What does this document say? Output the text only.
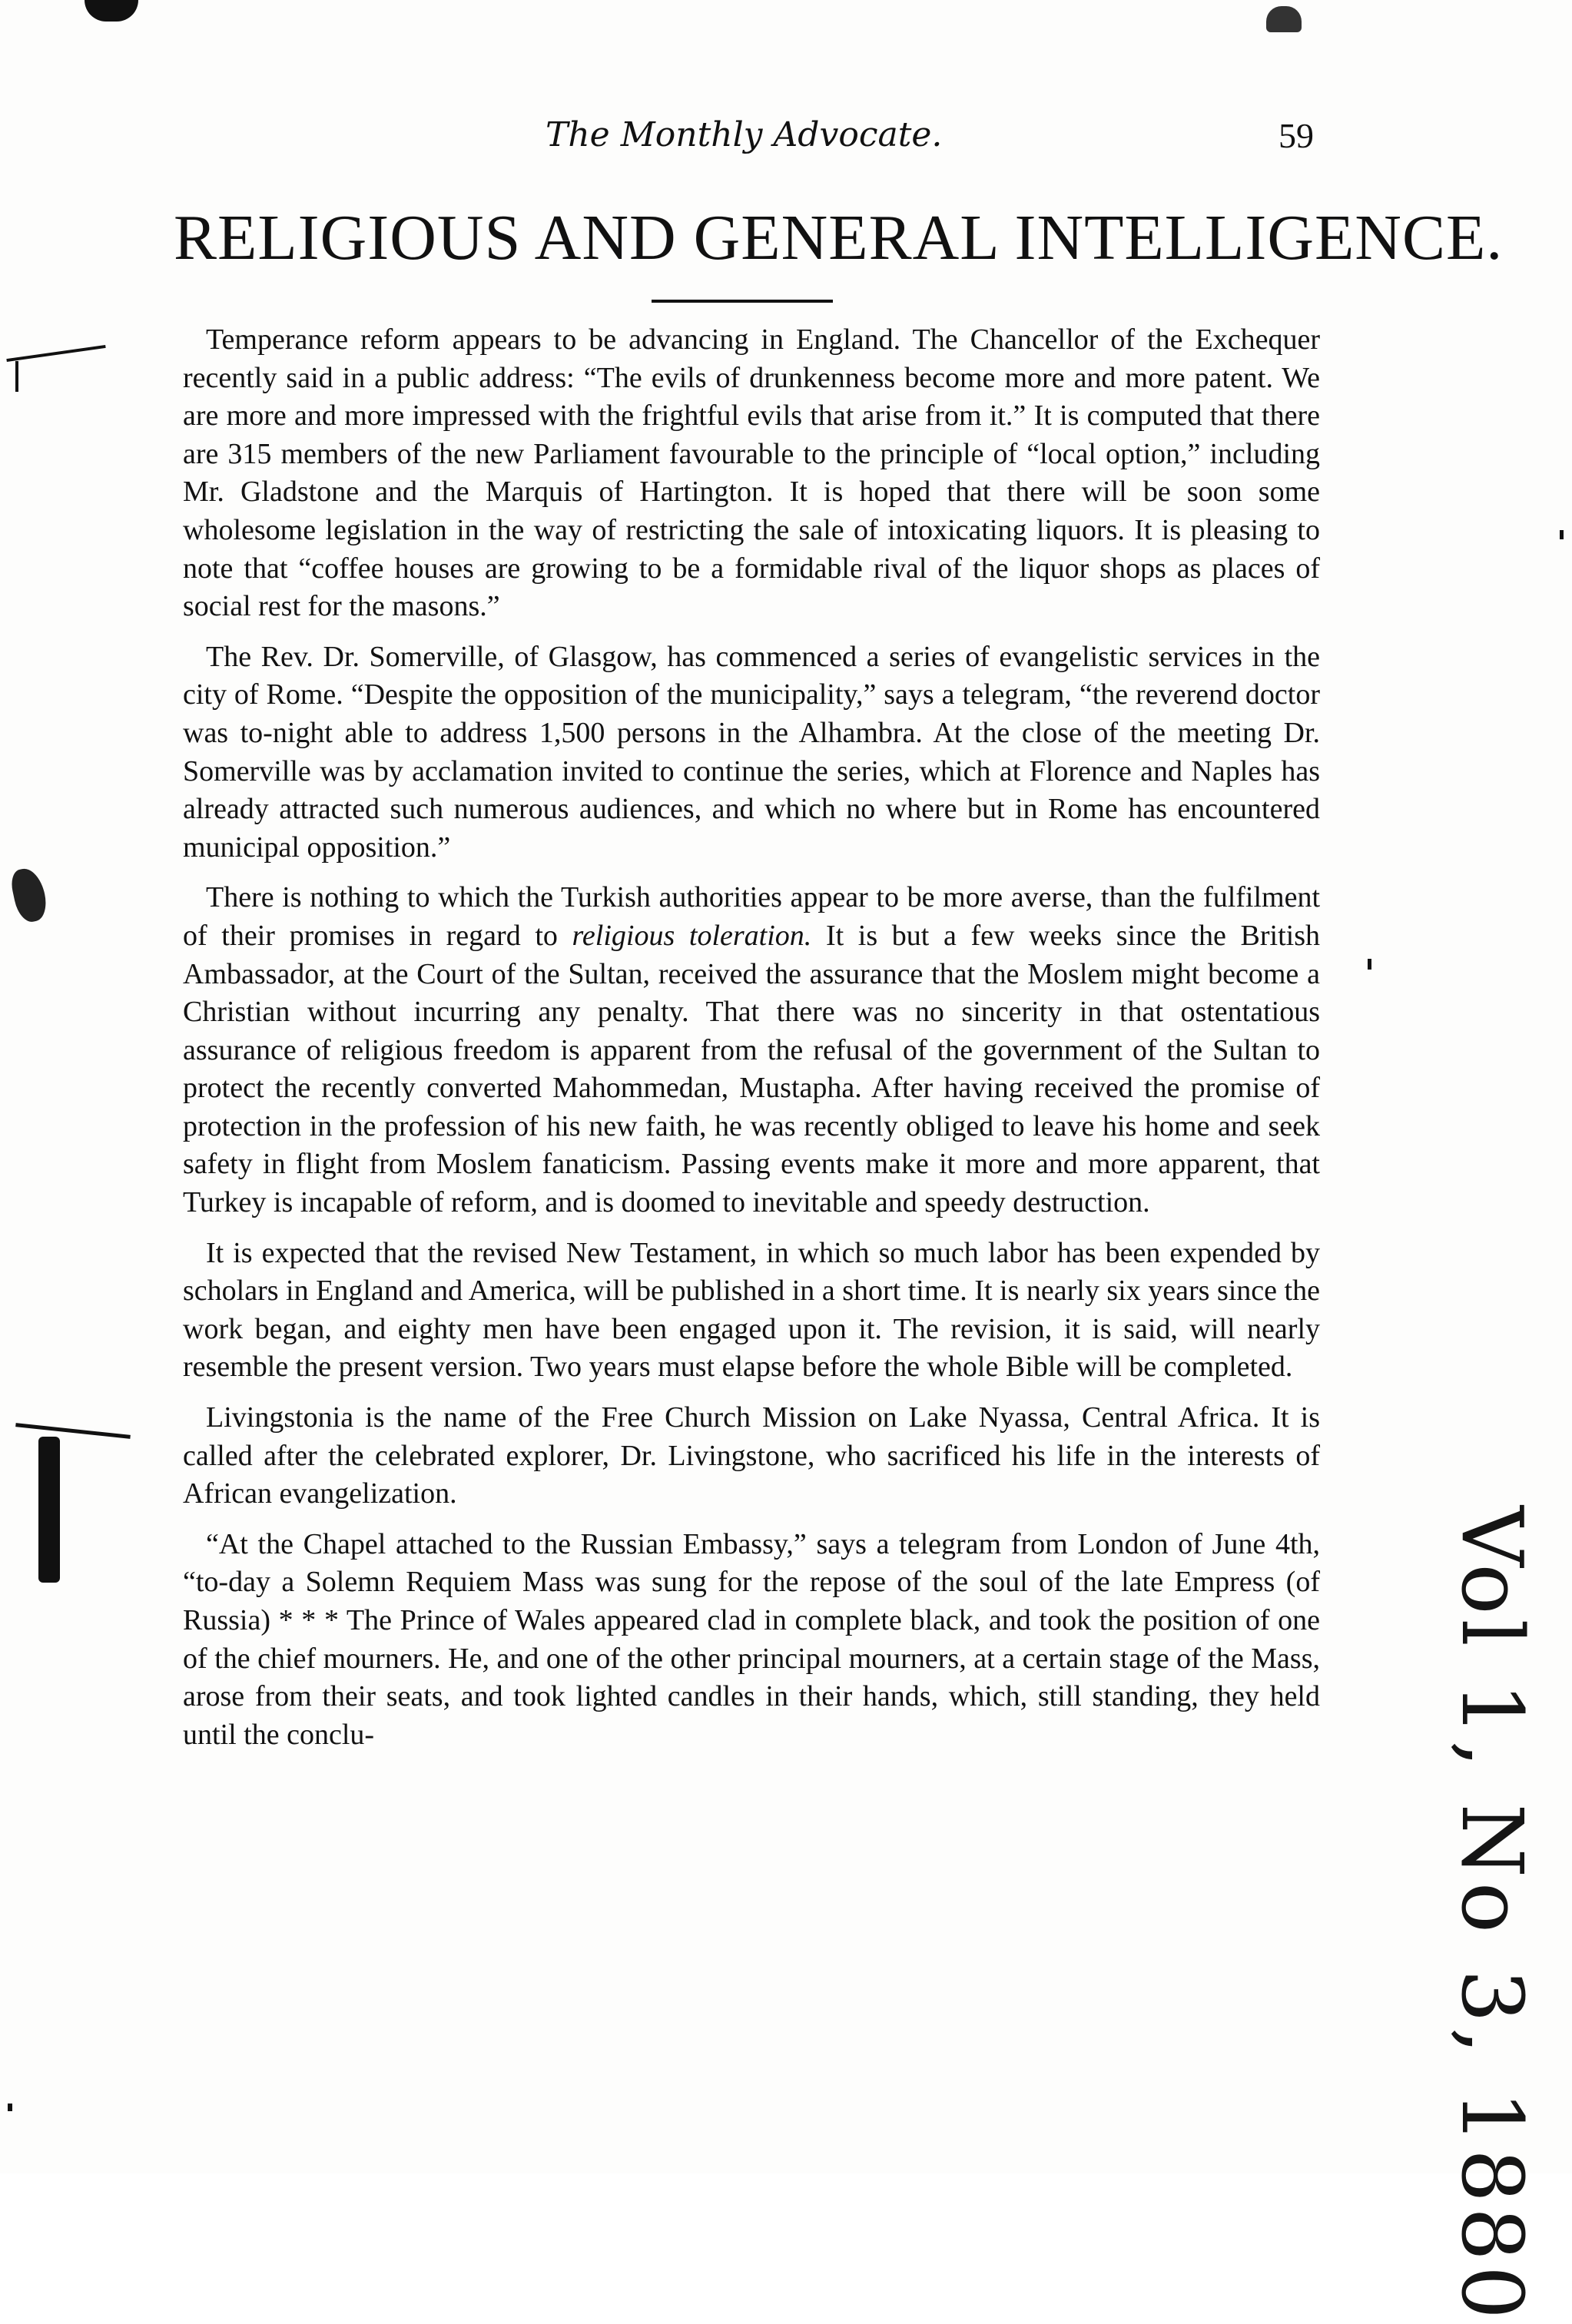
The Monthly Advocate.	59
RELIGIOUS AND GENERAL INTELLIGENCE.

Temperance reform appears to be advancing in England. The Chancellor of the Exchequer recently said in a public address: “The evils of drunkenness become more and more patent. We are more and more impressed with the frightful evils that arise from it.” It is computed that there are 315 members of the new Parliament favourable to the principle of “local option,” including Mr. Gladstone and the Marquis of Hartington. It is hoped that there will be soon some wholesome legislation in the way of restricting the sale of intoxicating liquors. It is pleasing to note that “coffee houses are growing to be a formidable rival of the liquor shops as places of social rest for the masons.”

The Rev. Dr. Somerville, of Glasgow, has commenced a series of evangelistic services in the city of Rome. “Despite the opposition of the municipality,” says a telegram, “the reverend doctor was to-night able to address 1,500 persons in the Alhambra. At the close of the meeting Dr. Somerville was by acclamation invited to continue the series, which at Florence and Naples has already attracted such numerous audiences, and which no where but in Rome has encountered municipal opposition.”

There is nothing to which the Turkish authorities appear to be more averse, than the fulfilment of their promises in regard to religious toleration. It is but a few weeks since the British Ambassador, at the Court of the Sultan, received the assurance that the Moslem might become a Christian without incurring any penalty. That there was no sincerity in that ostentatious assurance of religious freedom is apparent from the refusal of the government of the Sultan to protect the recently converted Mahommedan, Mustapha. After having received the promise of protection in the profession of his new faith, he was recently obliged to leave his home and seek safety in flight from Moslem fanaticism. Passing events make it more and more apparent, that Turkey is incapable of reform, and is doomed to inevitable and speedy destruction.

It is expected that the revised New Testament, in which so much labor has been expended by scholars in England and America, will be published in a short time. It is nearly six years since the work began, and eighty men have been engaged upon it. The revision, it is said, will nearly resemble the present version. Two years must elapse before the whole Bible will be completed.

Livingstonia is the name of the Free Church Mission on Lake Nyassa, Central Africa. It is called after the celebrated explorer, Dr. Livingstone, who sacrificed his life in the interests of African evangelization.

“At the Chapel attached to the Russian Embassy,” says a telegram from London of June 4th, “to-day a Solemn Requiem Mass was sung for the repose of the soul of the late Empress (of Russia) * * * The Prince of Wales appeared clad in complete black, and took the position of one of the chief mourners. He, and one of the other principal mourners, at a certain stage of the Mass, arose from their seats, and took lighted candles in their hands, which, still standing, they held until the conclu-	Vol 1, No 3, 1880
